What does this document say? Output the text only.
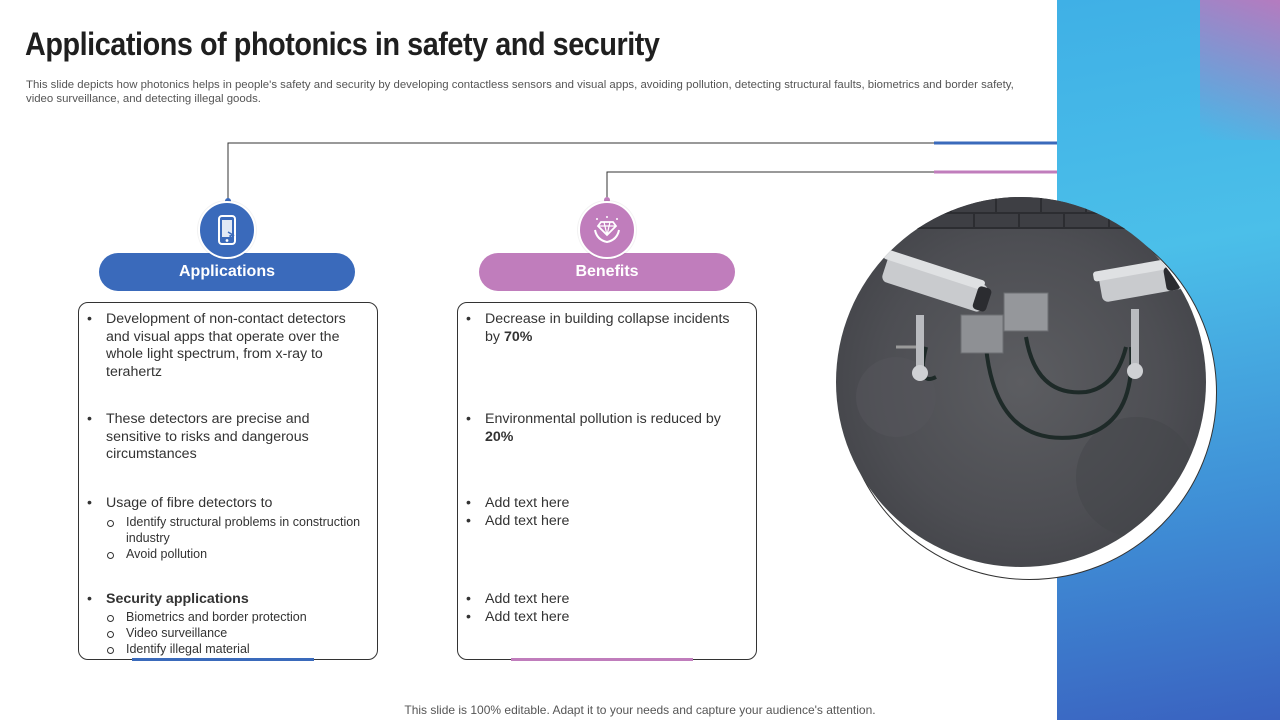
Applications of photonics in safety and security

This slide depicts how photonics helps in people's safety and security by developing contactless sensors and visual apps, avoiding pollution, detecting structural faults, biometrics and border safety, video surveillance, and detecting illegal goods.

Applications	Benefits
• Development of non-contact detectors and visual apps that operate over the whole light spectrum, from x-ray to terahertz
• These detectors are precise and sensitive to risks and dangerous circumstances
• Usage of fibre detectors to
Identify structural problems in construction industry
Avoid pollution
• Security applications
Biometrics and border protection
Video surveillance
Identify illegal material
• Decrease in building collapse incidents by 70%
• Environmental pollution is reduced by 20%
• Add text here
• Add text here
• Add text here
• Add text here
This slide is 100% editable. Adapt it to your needs and capture your audience's attention.
